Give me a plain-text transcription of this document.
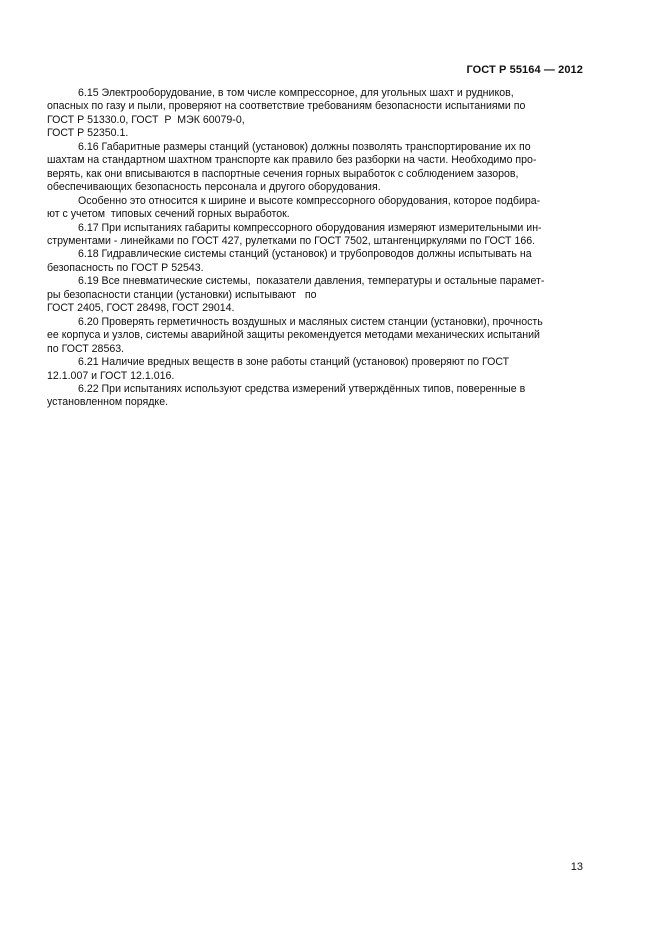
ГОСТ Р 55164 — 2012
6.15 Электрооборудование, в том числе компрессорное, для угольных шахт и рудников,
опасных по газу и пыли, проверяют на соответствие требованиям безопасности испытаниями по
ГОСТ Р 51330.0, ГОСТ  Р  МЭК 60079-0,
ГОСТ Р 52350.1.
6.16 Габаритные размеры станций (установок) должны позволять транспортирование их по
шахтам на стандартном шахтном транспорте как правило без разборки на части. Необходимо про-
верять, как они вписываются в паспортные сечения горных выработок с соблюдением зазоров,
обеспечивающих безопасность персонала и другого оборудования.
Особенно это относится к ширине и высоте компрессорного оборудования, которое подбира-
ют с учетом  типовых сечений горных выработок.
6.17 При испытаниях габариты компрессорного оборудования измеряют измерительными ин-
струментами - линейками по ГОСТ 427, рулетками по ГОСТ 7502, штангенциркулями по ГОСТ 166.
6.18 Гидравлические системы станций (установок) и трубопроводов должны испытывать на
безопасность по ГОСТ Р 52543.
6.19 Все пневматические системы,  показатели давления, температуры и остальные парамет-
ры безопасности станции (установки) испытывают   по
ГОСТ 2405, ГОСТ 28498, ГОСТ 29014.
6.20 Проверять герметичность воздушных и масляных систем станции (установки), прочность
ее корпуса и узлов, системы аварийной защиты рекомендуется методами механических испытаний
по ГОСТ 28563.
6.21 Наличие вредных веществ в зоне работы станций (установок) проверяют по ГОСТ
12.1.007 и ГОСТ 12.1.016.
6.22 При испытаниях используют средства измерений утверждённых типов, поверенные в
установленном порядке.
13
